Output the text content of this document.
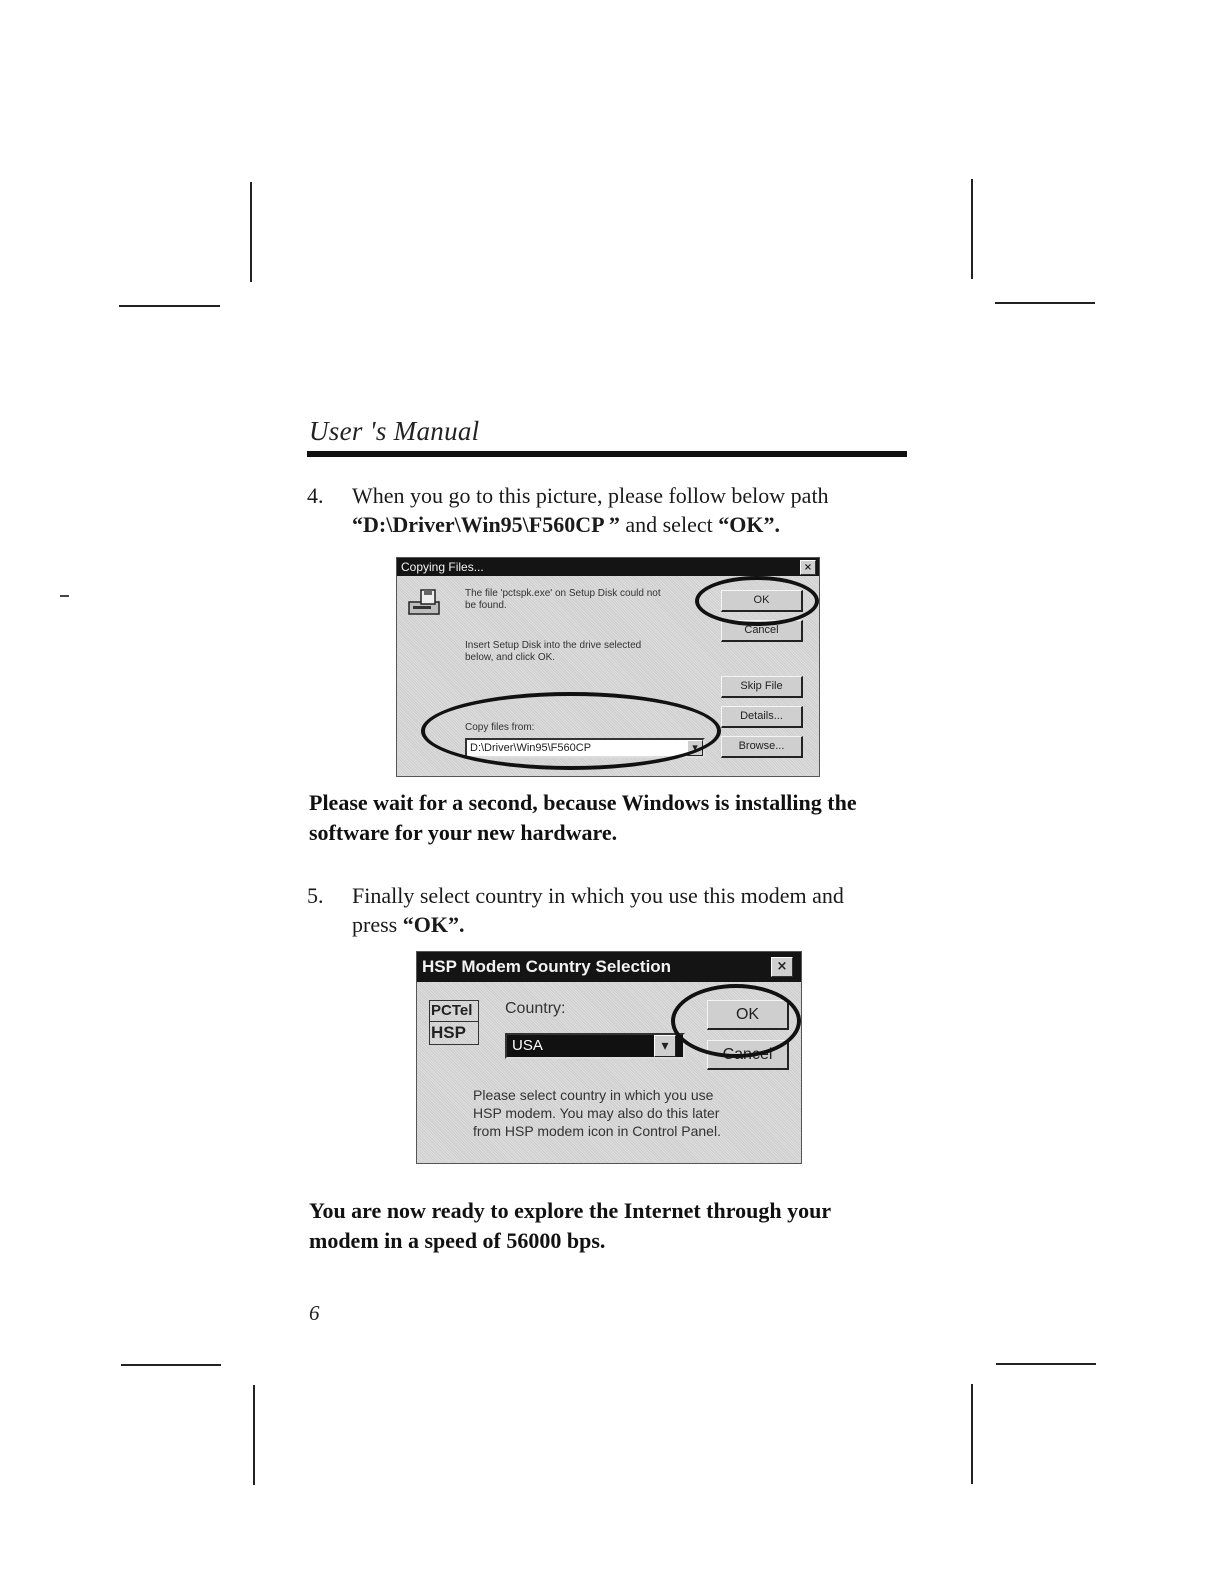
User 's Manual
4. When you go to this picture, please follow below path
“D:\Driver\Win95\F560CP ” and select “OK”.
Copying Files...	×
The file 'pctspk.exe' on Setup Disk could not
be found.
Insert Setup Disk into the drive selected
below, and click OK.
Copy files from:
D:\Driver\Win95\F560CP	▾
OK
Cancel
Skip File
Details...
Browse...
Please wait for a second, because Windows is installing the
software for your new hardware.
5. Finally select country in which you use this modem and
press “OK”.
HSP Modem Country Selection	×
PCTel
HSP
Country:
USA	▾
OK
Cancel
Please select country in which you use
HSP modem. You may also do this later
from HSP modem icon in Control Panel.
You are now ready to explore the Internet through your
modem in a speed of 56000 bps.
6
